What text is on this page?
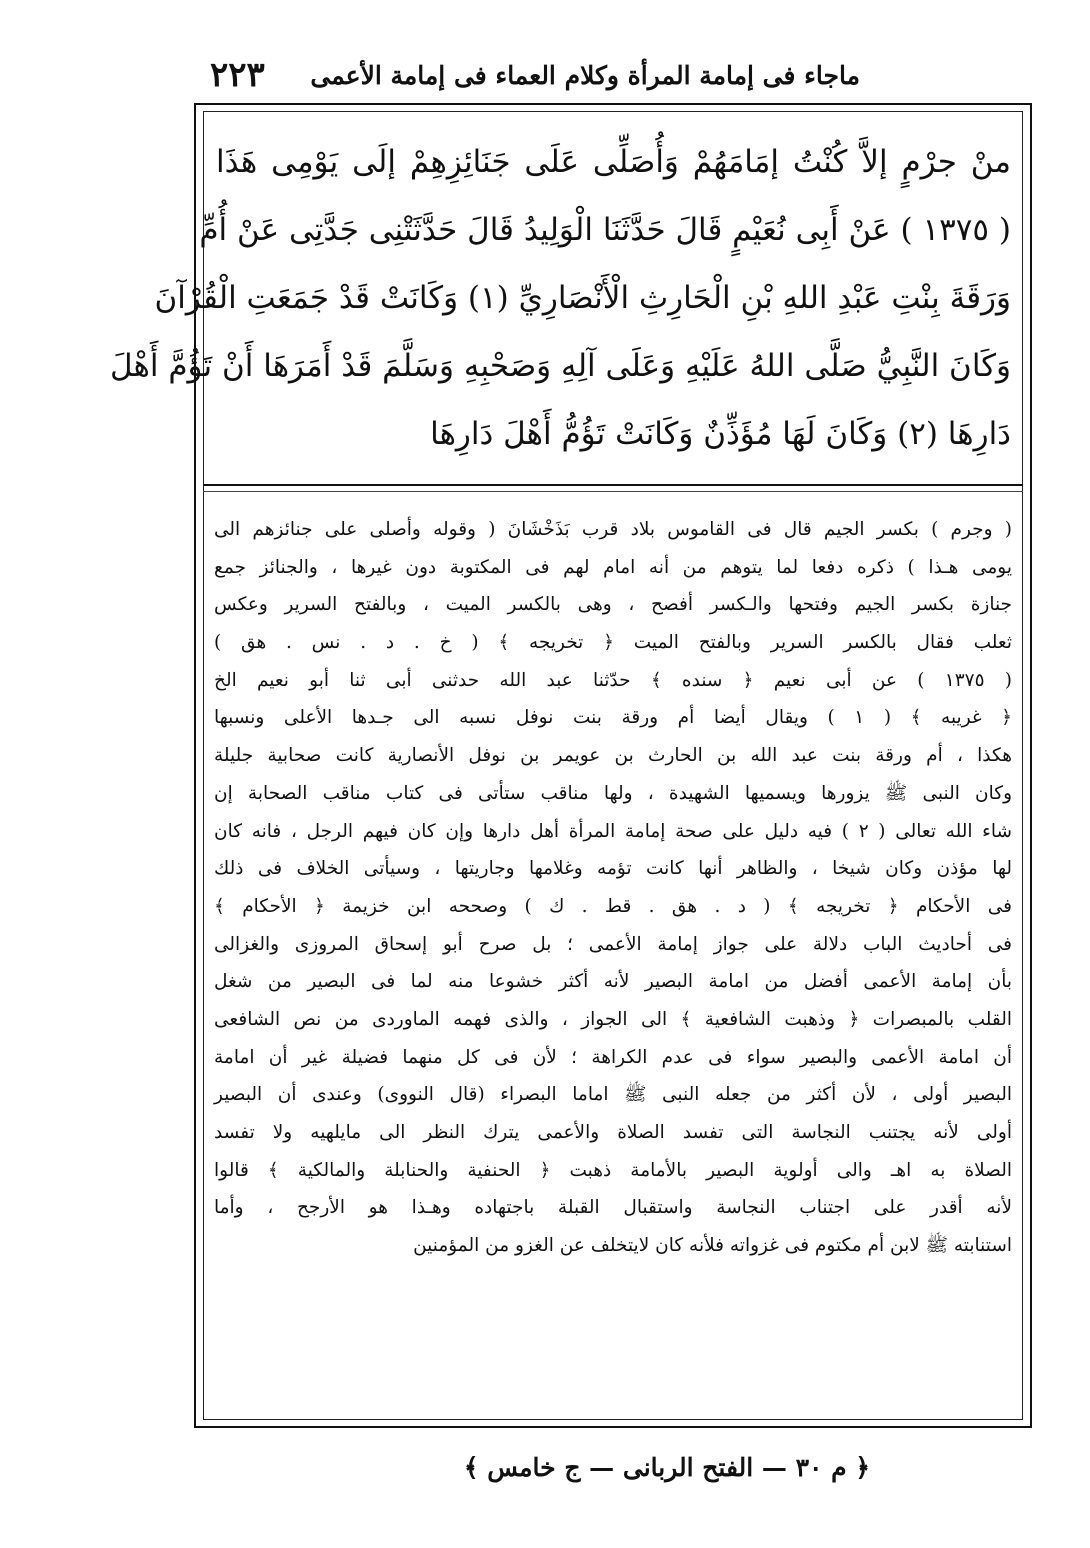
ماجاء فى إمامة المرأة وكلام العماء فى إمامة الأعمى
٢٢٣
منْ جرْمٍ إلاَّ كُنْتُ إمَامَهُمْ وَأُصَلِّى عَلَى جَنَائِزِهِمْ إلَى يَوْمِى هَذَا
( ١٣٧٥ ) عَنْ أَبِى نُعَيْمٍ قَالَ حَدَّثَنَا الْوَلِيدُ قَالَ حَدَّثَتْنِى جَدَّتِى عَنْ أُمِّ
وَرَقَةَ بِنْتِ عَبْدِ اللهِ بْنِ الْحَارِثِ الْأَنْصَارِيِّ (١) وَكَانَتْ قَدْ جَمَعَتِ الْقُرْآنَ
وَكَانَ النَّبِيُّ صَلَّى اللهُ عَلَيْهِ وَعَلَى آلِهِ وَصَحْبِهِ وَسَلَّمَ قَدْ أَمَرَهَا أَنْ تَؤُمَّ أَهْلَ
دَارِهَا (٢) وَكَانَ لَهَا مُؤَذِّنٌ وَكَانَتْ تَؤُمُّ أَهْلَ دَارِهَا
( وجرم ) بكسر الجيم قال فى القاموس بلاد قرب بَذَخْشَانَ ( وقوله وأصلى على جنائزهم الى
يومى هـذا ) ذكره دفعا لما يتوهم من أنه امام لهم فى المكتوبة دون غيرها ، والجنائز جمع
جنازة بكسر الجيم وفتحها والـكسر أفصح ، وهى بالكسر الميت ، وبالفتح السرير وعكس
ثعلب فقال بالكسر السرير وبالفتح الميت ﴿ تخريجه ﴾ ( خ . د . نس . هق )
( ١٣٧٥ ) عن أبى نعيم ﴿ سنده ﴾ حدّثنا عبد الله حدثنى أبى ثنا أبو نعيم الخ
﴿ غريبه ﴾ ( ١ ) ويقال أيضا أم ورقة بنت نوفل نسبه الى جـدها الأعلى ونسبها
هكذا ، أم ورقة بنت عبد الله بن الحارث بن عويمر بن نوفل الأنصارية كانت صحابية جليلة
وكان النبى ﷺ يزورها ويسميها الشهيدة ، ولها مناقب ستأتى فى كتاب مناقب الصحابة إن
شاء الله تعالى ( ٢ ) فيه دليل على صحة إمامة المرأة أهل دارها وإن كان فيهم الرجل ، فانه كان
لها مؤذن وكان شيخا ، والظاهر أنها كانت تؤمه وغلامها وجاريتها ، وسيأتى الخلاف فى ذلك
فى الأحكام ﴿ تخريجه ﴾ ( د . هق . قط . ك ) وصححه ابن خزيمة ﴿ الأحكام ﴾
فى أحاديث الباب دلالة على جواز إمامة الأعمى ؛ بل صرح أبو إسحاق المروزى والغزالى
بأن إمامة الأعمى أفضل من امامة البصير لأنه أكثر خشوعا منه لما فى البصير من شغل
القلب بالمبصرات ﴿ وذهبت الشافعية ﴾ الى الجواز ، والذى فهمه الماوردى من نص الشافعى
أن امامة الأعمى والبصير سواء فى عدم الكراهة ؛ لأن فى كل منهما فضيلة غير أن امامة
البصير أولى ، لأن أكثر من جعله النبى ﷺ اماما البصراء (قال النووى) وعندى أن البصير
أولى لأنه يجتنب النجاسة التى تفسد الصلاة والأعمى يترك النظر الى مايلهيه ولا تفسد
الصلاة به اهـ والى أولوية البصير بالأمامة ذهبت ﴿ الحنفية والحنابلة والمالكية ﴾ قالوا
لأنه أقدر على اجتناب النجاسة واستقبال القبلة باجتهاده وهـذا هو الأرجح ، وأما
استنابته ﷺ لابن أم مكتوم فى غزواته فلأنه كان لايتخلف عن الغزو من المؤمنين
﴿ م ٣٠ — الفتح الربانى — ج خامس ﴾
